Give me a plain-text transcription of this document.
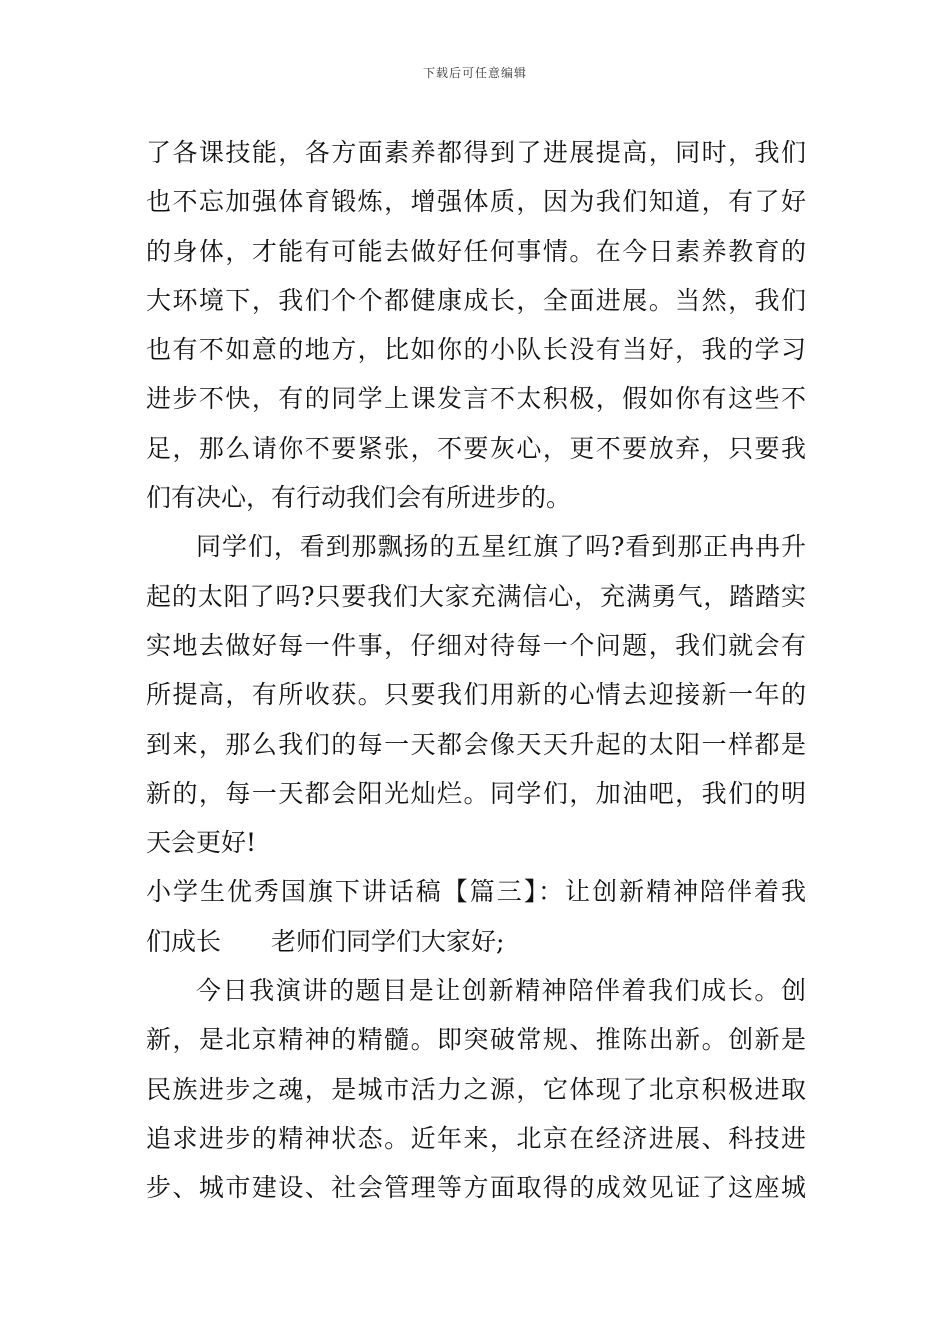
下载后可任意编辑
了各课技能，各方面素养都得到了进展提高，同时，我们
也不忘加强体育锻炼，增强体质，因为我们知道，有了好
的身体，才能有可能去做好任何事情。在今日素养教育的
大环境下，我们个个都健康成长，全面进展。当然，我们
也有不如意的地方，比如你的小队长没有当好，我的学习
进步不快，有的同学上课发言不太积极，假如你有这些不
足，那么请你不要紧张，不要灰心，更不要放弃，只要我
们有决心，有行动我们会有所进步的。
同学们，看到那飘扬的五星红旗了吗?看到那正冉冉升
起的太阳了吗?只要我们大家充满信心，充满勇气，踏踏实
实地去做好每一件事，仔细对待每一个问题，我们就会有
所提高，有所收获。只要我们用新的心情去迎接新一年的
到来，那么我们的每一天都会像天天升起的太阳一样都是
新的，每一天都会阳光灿烂。同学们，加油吧，我们的明
天会更好!
小学生优秀国旗下讲话稿【篇三】：让创新精神陪伴着我
们成长 老师们同学们大家好;
今日我演讲的题目是让创新精神陪伴着我们成长。创
新，是北京精神的精髓。即突破常规、推陈出新。创新是
民族进步之魂，是城市活力之源，它体现了北京积极进取
追求进步的精神状态。近年来，北京在经济进展、科技进
步、城市建设、社会管理等方面取得的成效见证了这座城
